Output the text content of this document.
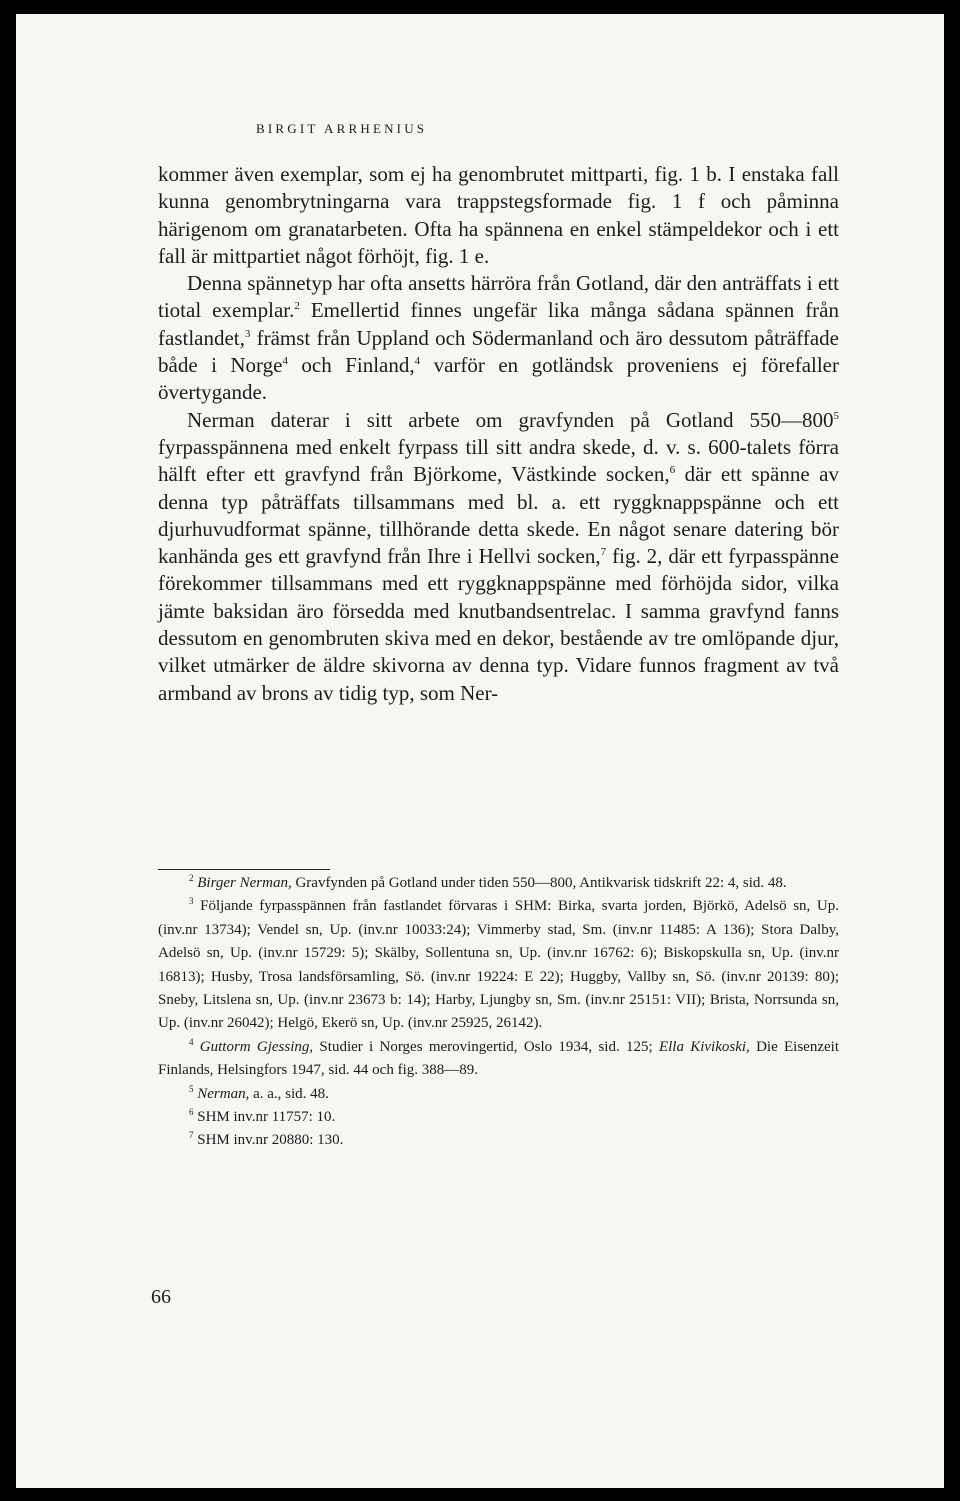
BIRGIT ARRHENIUS

kommer även exemplar, som ej ha genombrutet mittparti, fig. 1 b. I enstaka fall kunna genombrytningarna vara trappstegsformade fig. 1 f och påminna härigenom om granatarbeten. Ofta ha spännena en enkel stämpeldekor och i ett fall är mittpartiet något förhöjt, fig. 1 e.

Denna spännetyp har ofta ansetts härröra från Gotland, där den anträffats i ett tiotal exemplar.$^2$ Emellertid finnes ungefär lika många sådana spännen från fastlandet,$^3$ främst från Uppland och Södermanland och äro dessutom påträffade både i Norge$^4$ och Finland,$^4$ varför en gotländsk proveniens ej förefaller övertygande.

Nerman daterar i sitt arbete om gravfynden på Gotland $550—800^5$ fyrpasspännena med enkelt fyrpass till sitt andra skede, d. v. s. 600-talets förra hälft efter ett gravfynd från Björkome, Västkinde socken,$^6$ där ett spänne av denna typ påträffats tillsammans med bl. a. ett ryggknappspänne och ett djurhuvudformat spänne, tillhörande detta skede. En något senare datering bör kanhända ges ett gravfynd från Ihre i Hellvi socken,$^7$ fig. 2, där ett fyrpasspänne förekommer tillsammans med ett ryggknappspänne med förhöjda sidor, vilka jämte baksidan äro försedda med knutbandsentrelac. I samma gravfynd fanns dessutom en genombruten skiva med en dekor, bestående av tre omlöpande djur, vilket utmärker de äldre skivorna av denna typ. Vidare funnos fragment av två armband av brons av tidig typ, som Ner-

$^2$ Birger Nerman, Gravfynden på Gotland under tiden 550—800, Antikvarisk tidskrift 22: 4, sid. 48.

$^3$ Följande fyrpasspännen från fastlandet förvaras i SHM: Birka, svarta jorden, Björkö, Adelsö sn, Up. (inv.nr 13734); Vendel sn, Up. (inv.nr 10033:24); Vimmerby stad, Sm. (inv.nr 11485: A 136); Stora Dalby, Adelsö sn, Up. (inv.nr 15729: 5); Skälby, Sollentuna sn, Up. (inv.nr 16762: 6); Biskopskulla sn, Up. (inv.nr 16813); Husby, Trosa landsförsamling, Sö. (inv.nr 19224: E 22); Huggby, Vallby sn, Sö. (inv.nr 20139: 80); Sneby, Litslena sn, Up. (inv.nr 23673 b: 14); Harby, Ljungby sn, Sm. (inv.nr 25151: VII); Brista, Norrsunda sn, Up. (inv.nr 26042); Helgö, Ekerö sn, Up. (inv.nr 25925, 26142).

$^4$ Guttorm Gjessing, Studier i Norges merovingertid, Oslo 1934, sid. 125; Ella Kivikoski, Die Eisenzeit Finlands, Helsingfors 1947, sid. 44 och fig. 388—89.

$^5$ Nerman, a. a., sid. 48.

$^6$ SHM inv.nr 11757: 10.

$^7$ SHM inv.nr 20880: 130.

66
